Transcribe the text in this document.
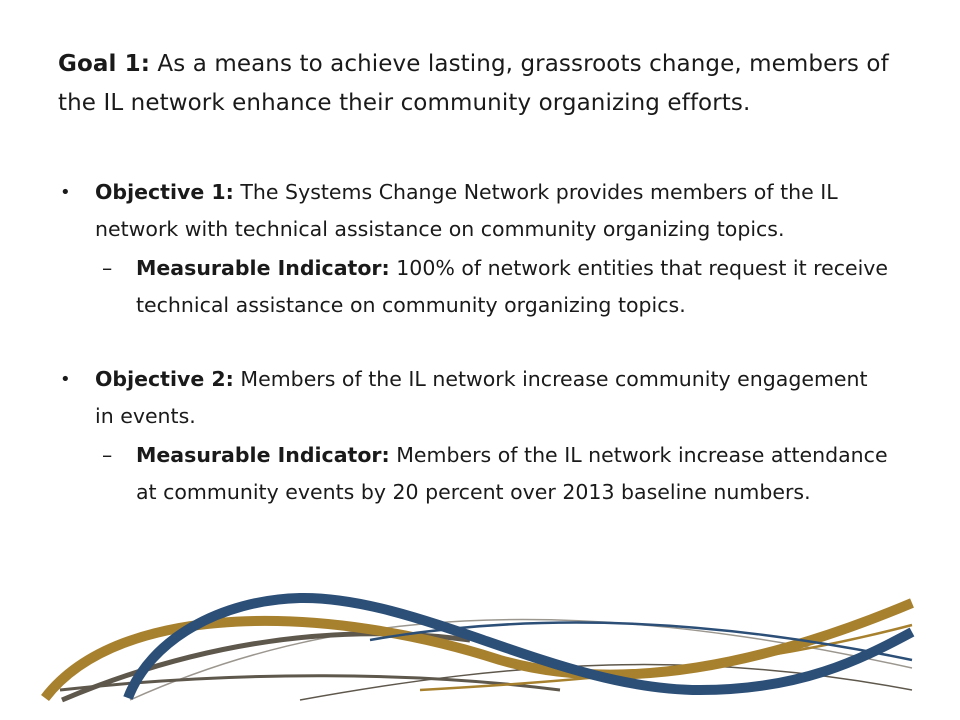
Goal 1: As a means to achieve lasting, grassroots change, members of the IL network enhance their community organizing efforts.

•	Objective 1: The Systems Change Network provides members of the IL network with technical assistance on community organizing topics.
– Measurable Indicator: 100% of network entities that request it receive technical assistance on community organizing topics.
•	Objective 2: Members of the IL network increase community engagement in events.
– Measurable Indicator: Members of the IL network increase attendance at community events by 20 percent over 2013 baseline numbers.
